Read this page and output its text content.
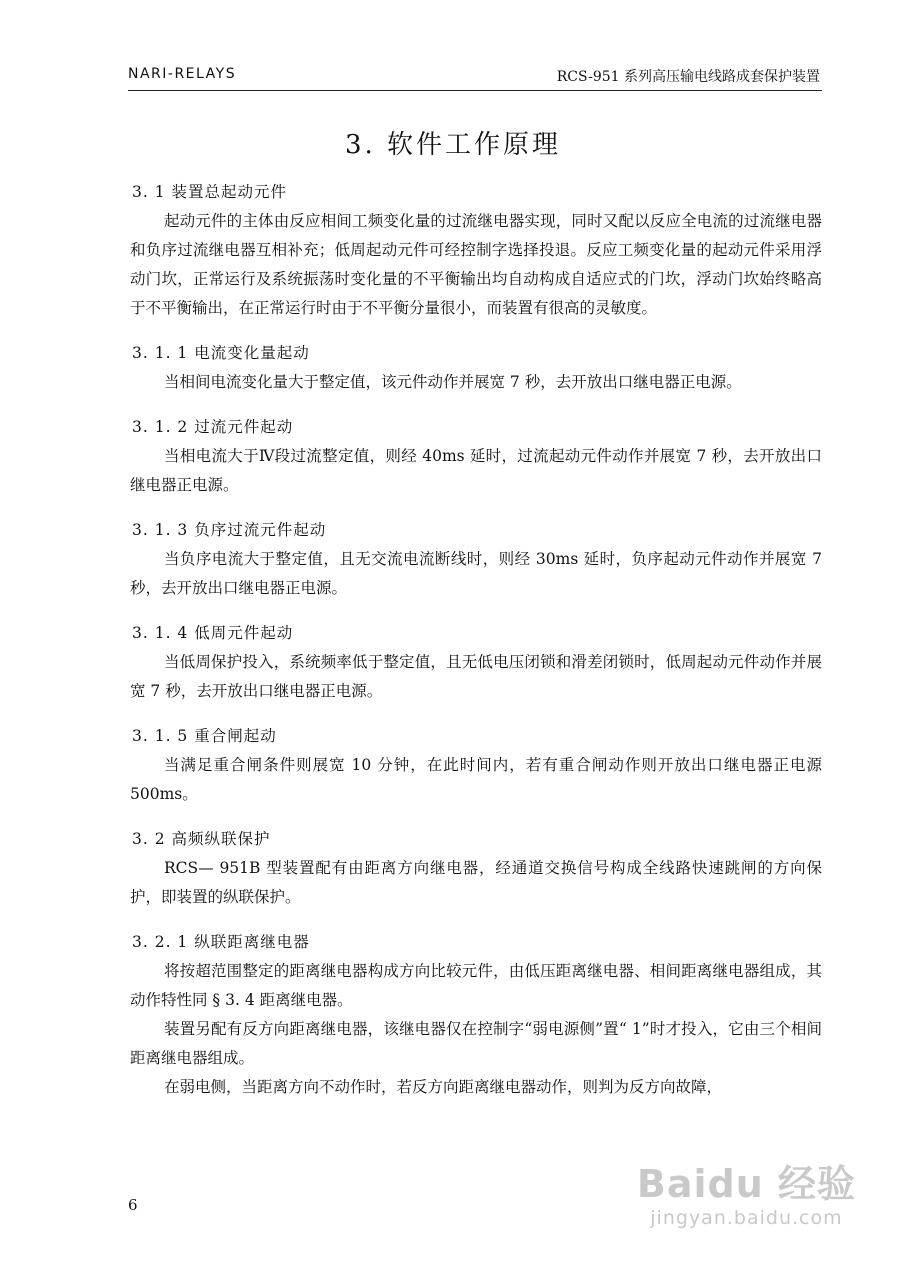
NARI-RELAYS	RCS-951 系列高压输电线路成套保护装置
3. 软件工作原理

3. 1 装置总起动元件

起动元件的主体由反应相间工频变化量的过流继电器实现，同时又配以反应全电流的过流继电器和负序过流继电器互相补充；低周起动元件可经控制字选择投退。反应工频变化量的起动元件采用浮动门坎，正常运行及系统振荡时变化量的不平衡输出均自动构成自适应式的门坎，浮动门坎始终略高于不平衡输出，在正常运行时由于不平衡分量很小，而装置有很高的灵敏度。

3. 1. 1 电流变化量起动

当相间电流变化量大于整定值，该元件动作并展宽 7 秒，去开放出口继电器正电源。

3. 1. 2 过流元件起动

当相电流大于Ⅳ段过流整定值，则经 40ms 延时，过流起动元件动作并展宽 7 秒，去开放出口继电器正电源。

3. 1. 3 负序过流元件起动

当负序电流大于整定值，且无交流电流断线时，则经 30ms 延时，负序起动元件动作并展宽 7 秒，去开放出口继电器正电源。

3. 1. 4 低周元件起动

当低周保护投入，系统频率低于整定值，且无低电压闭锁和滑差闭锁时，低周起动元件动作并展宽 7 秒，去开放出口继电器正电源。

3. 1. 5 重合闸起动

当满足重合闸条件则展宽 10 分钟，在此时间内，若有重合闸动作则开放出口继电器正电源 500ms。

3. 2 高频纵联保护

RCS— 951B 型装置配有由距离方向继电器，经通道交换信号构成全线路快速跳闸的方向保护，即装置的纵联保护。

3. 2. 1 纵联距离继电器

将按超范围整定的距离继电器构成方向比较元件，由低压距离继电器、相间距离继电器组成，其动作特性同 § 3. 4 距离继电器。

装置另配有反方向距离继电器，该继电器仅在控制字“弱电源侧”置“ 1”时才投入，它由三个相间距离继电器组成。

在弱电侧，当距离方向不动作时，若反方向距离继电器动作，则判为反方向故障，

6	Baidu 经验
jingyan.baidu.com
